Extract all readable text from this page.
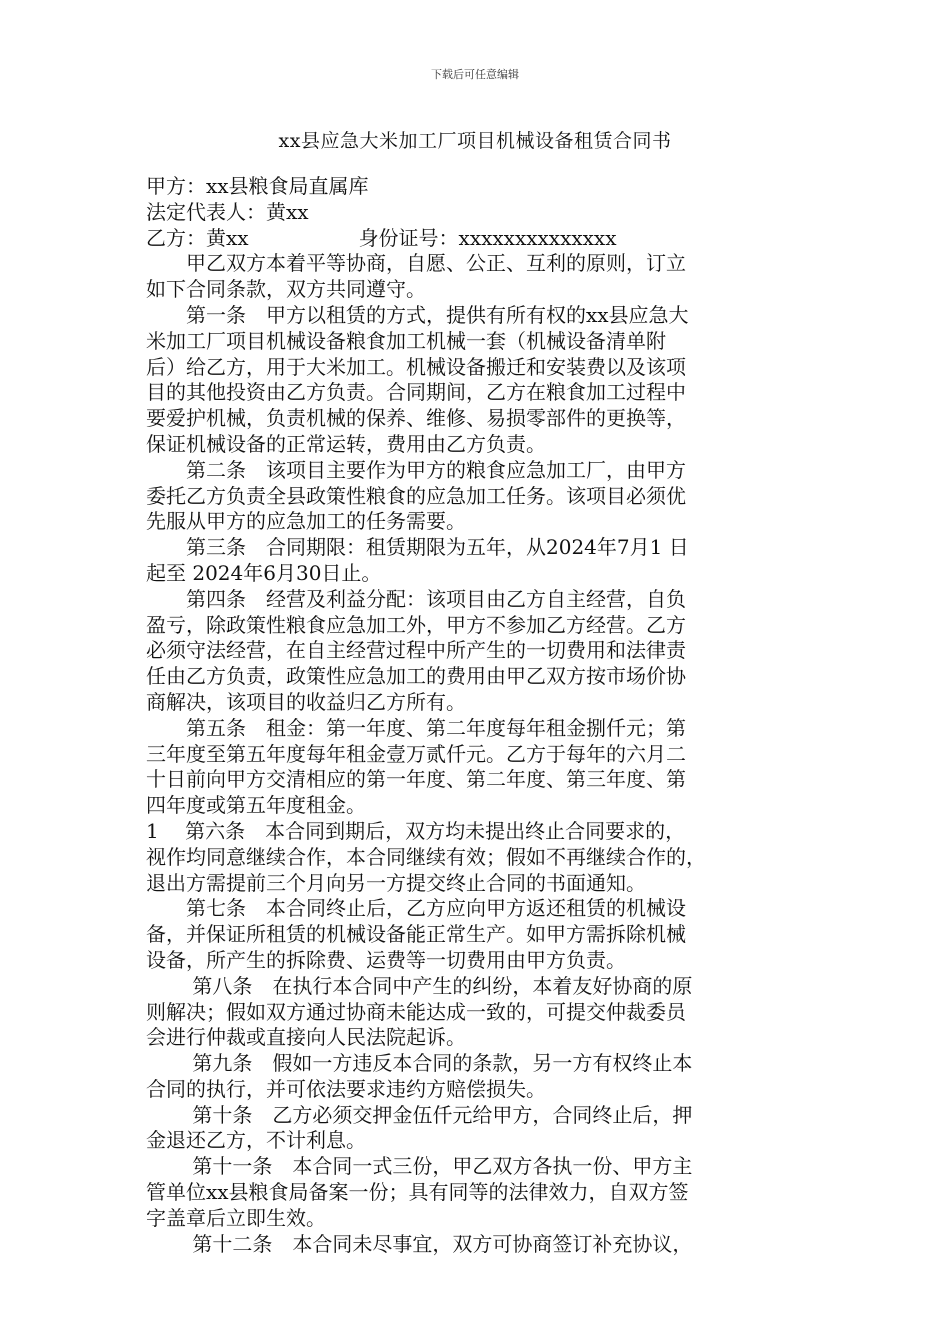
下载后可任意编辑
xx县应急大米加工厂项目机械设备租赁合同书
甲方：xx县粮食局直属库
法定代表人：黄xx
乙方：黄xx	身份证号：xxxxxxxxxxxxxx
　　甲乙双方本着平等协商，自愿、公正、互利的原则，订立
如下合同条款，双方共同遵守。
　　第一条　甲方以租赁的方式，提供有所有权的xx县应急大
米加工厂项目机械设备粮食加工机械一套（机械设备清单附
后）给乙方，用于大米加工。机械设备搬迁和安装费以及该项
目的其他投资由乙方负责。合同期间，乙方在粮食加工过程中
要爱护机械，负责机械的保养、维修、易损零部件的更换等，
保证机械设备的正常运转，费用由乙方负责。
　　第二条　该项目主要作为甲方的粮食应急加工厂，由甲方
委托乙方负责全县政策性粮食的应急加工任务。该项目必须优
先服从甲方的应急加工的任务需要。
　　第三条　合同期限：租赁期限为五年，从2024年7月1 日
起至 2024年6月30日止。
　　第四条　经营及利益分配：该项目由乙方自主经营，自负
盈亏，除政策性粮食应急加工外，甲方不参加乙方经营。乙方
必须守法经营，在自主经营过程中所产生的一切费用和法律责
任由乙方负责，政策性应急加工的费用由甲乙双方按市场价协
商解决，该项目的收益归乙方所有。
　　第五条　租金：第一年度、第二年度每年租金捌仟元；第
三年度至第五年度每年租金壹万贰仟元。乙方于每年的六月二
十日前向甲方交清相应的第一年度、第二年度、第三年度、第
四年度或第五年度租金。
1　 第六条　本合同到期后，双方均未提出终止合同要求的，
视作均同意继续合作，本合同继续有效；假如不再继续合作的，
退出方需提前三个月向另一方提交终止合同的书面通知。
　　第七条　本合同终止后，乙方应向甲方返还租赁的机械设
备，并保证所租赁的机械设备能正常生产。如甲方需拆除机械
设备，所产生的拆除费、运费等一切费用由甲方负责。
　　 第八条　在执行本合同中产生的纠纷，本着友好协商的原
则解决；假如双方通过协商未能达成一致的，可提交仲裁委员
会进行仲裁或直接向人民法院起诉。
　　 第九条　假如一方违反本合同的条款，另一方有权终止本
合同的执行，并可依法要求违约方赔偿损失。
　　 第十条　乙方必须交押金伍仟元给甲方，合同终止后，押
金退还乙方，不计利息。
　　 第十一条　本合同一式三份，甲乙双方各执一份、甲方主
管单位xx县粮食局备案一份；具有同等的法律效力，自双方签
字盖章后立即生效。
　　 第十二条　本合同未尽事宜，双方可协商签订补充协议，
